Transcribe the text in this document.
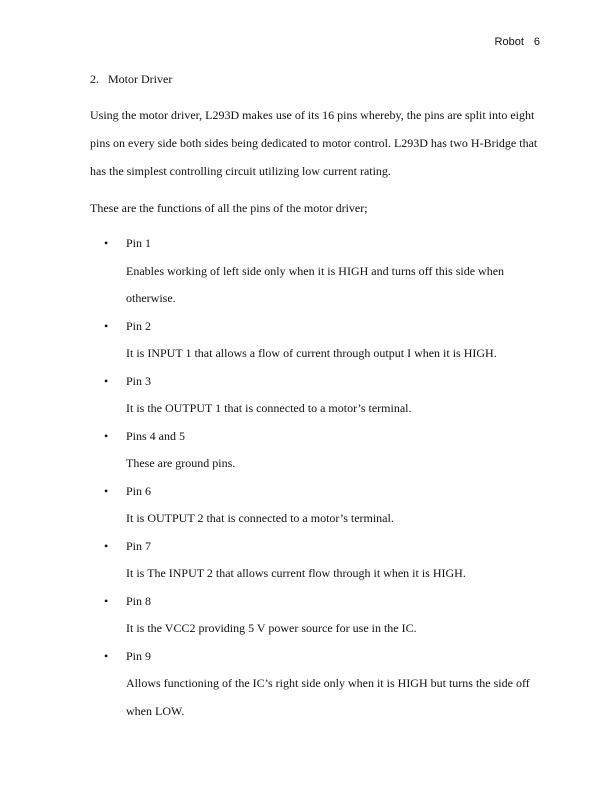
Robot 6
2. Motor Driver

Using the motor driver, L293D makes use of its 16 pins whereby, the pins are split into eight pins on every side both sides being dedicated to motor control. L293D has two H-Bridge that has the simplest controlling circuit utilizing low current rating.

These are the functions of all the pins of the motor driver;

• Pin 1
Enables working of left side only when it is HIGH and turns off this side when otherwise.
• Pin 2
It is INPUT 1 that allows a flow of current through output I when it is HIGH.
• Pin 3
It is the OUTPUT 1 that is connected to a motor’s terminal.
• Pins 4 and 5
These are ground pins.
• Pin 6
It is OUTPUT 2 that is connected to a motor’s terminal.
• Pin 7
It is The INPUT 2 that allows current flow through it when it is HIGH.
• Pin 8
It is the VCC2 providing 5 V power source for use in the IC.
• Pin 9
Allows functioning of the IC’s right side only when it is HIGH but turns the side off when LOW.
